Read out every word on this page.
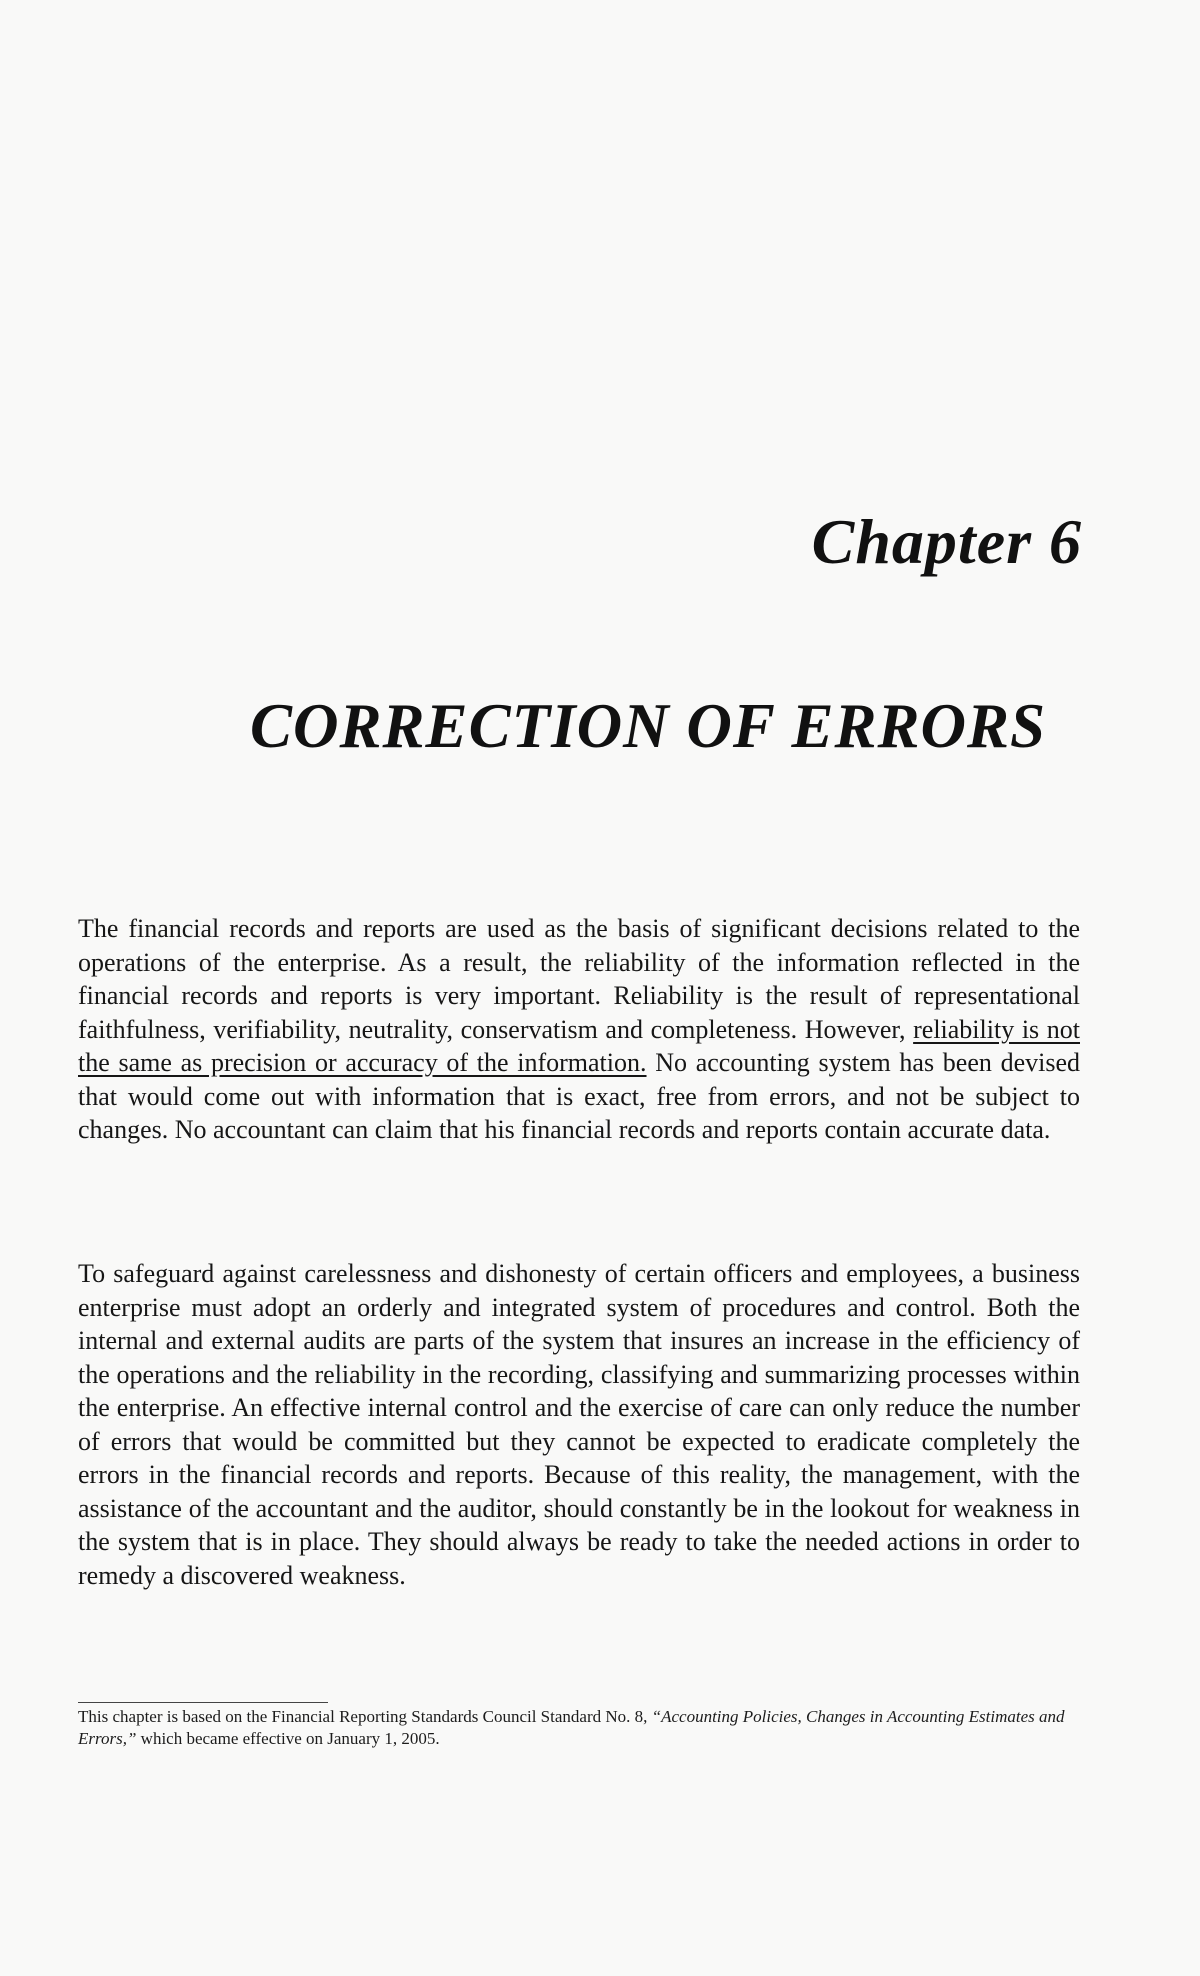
Chapter 6
CORRECTION OF ERRORS

The financial records and reports are used as the basis of significant decisions related to the operations of the enterprise. As a result, the reliability of the information reflected in the financial records and reports is very important. Reliability is the result of representational faithfulness, verifiability, neutrality, conservatism and completeness. However, reliability is not the same as precision or accuracy of the information. No accounting system has been devised that would come out with information that is exact, free from errors, and not be subject to changes. No accountant can claim that his financial records and reports contain accurate data.

To safeguard against carelessness and dishonesty of certain officers and employees, a business enterprise must adopt an orderly and integrated system of procedures and control. Both the internal and external audits are parts of the system that insures an increase in the efficiency of the operations and the reliability in the recording, classifying and summarizing processes within the enterprise. An effective internal control and the exercise of care can only reduce the number of errors that would be committed but they cannot be expected to eradicate completely the errors in the financial records and reports. Because of this reality, the management, with the assistance of the accountant and the auditor, should constantly be in the lookout for weakness in the system that is in place. They should always be ready to take the needed actions in order to remedy a discovered weakness.

This chapter is based on the Financial Reporting Standards Council Standard No. 8, “Accounting Policies, Changes in Accounting Estimates and Errors,” which became effective on January 1, 2005.
